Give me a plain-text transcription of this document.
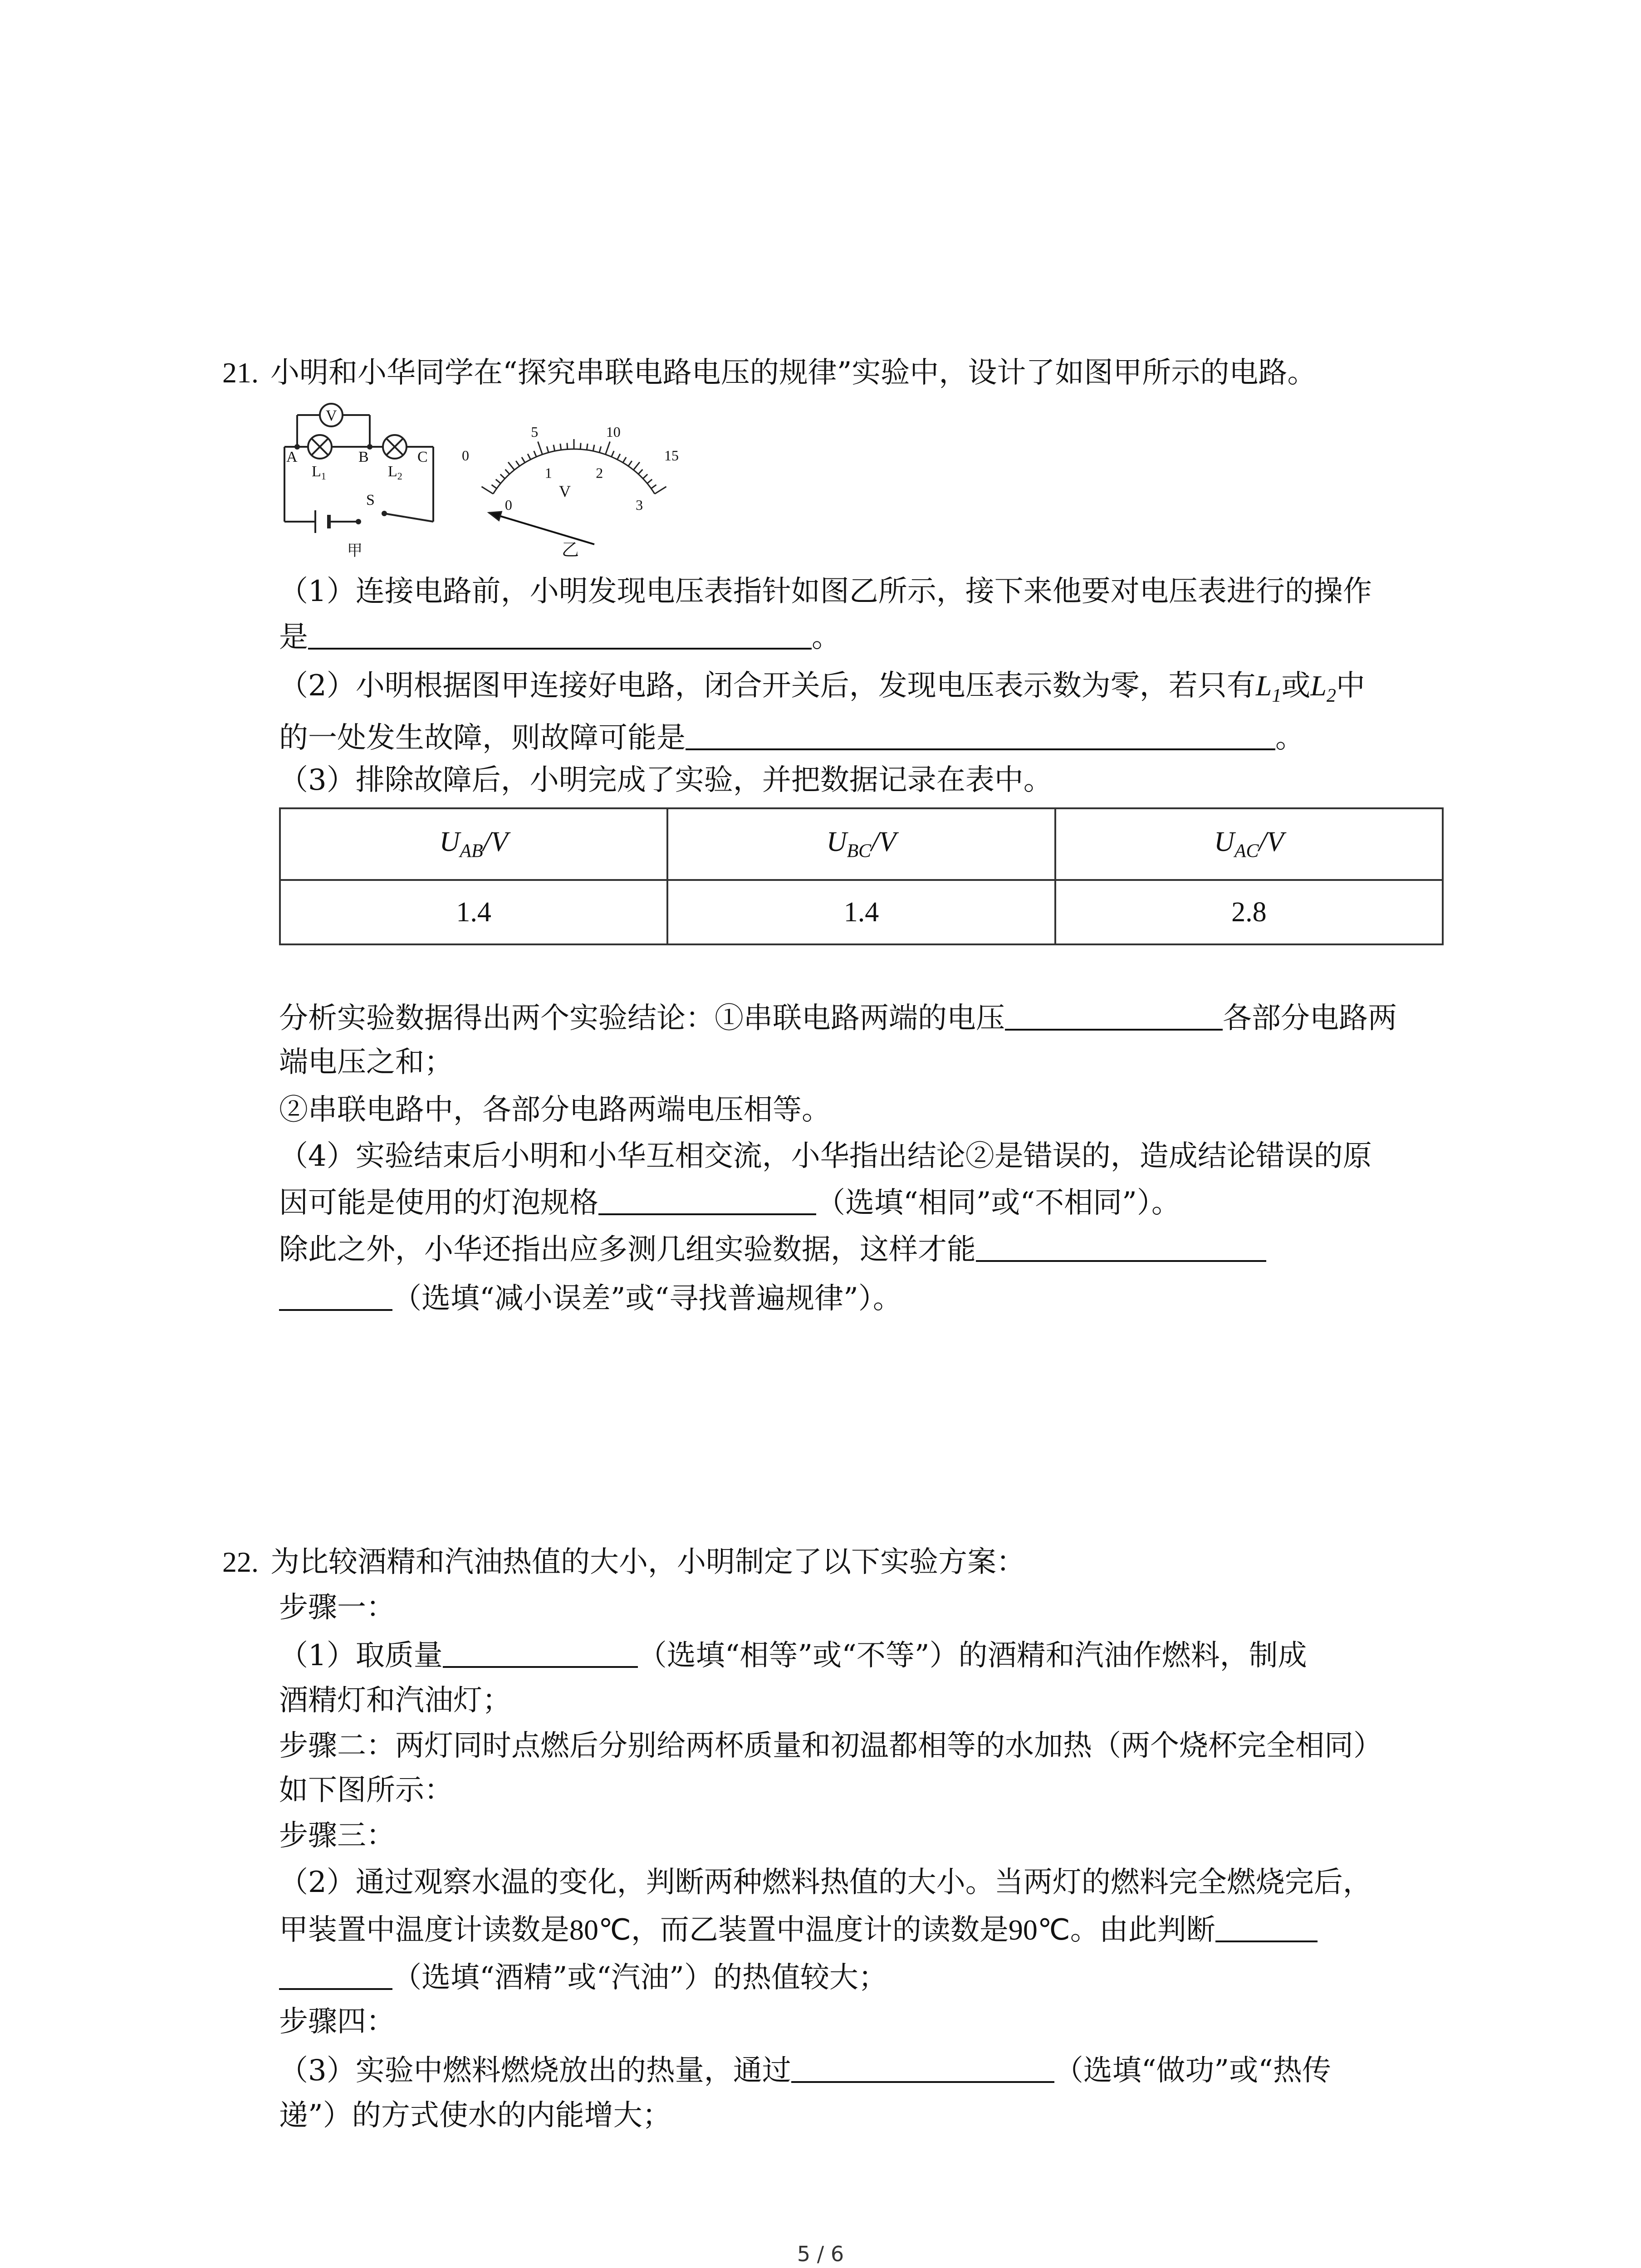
21. 小明和小华同学在“探究串联电路电压的规律”实验中，设计了如图甲所示的电路。
V
A	B	C
$L_1$	$L_2$
S
甲
0
5	10
15
0
1	2
3
V
乙
（1）连接电路前，小明发现电压表指针如图乙所示，接下来他要对电压表进行的操作
是	。
（2）小明根据图甲连接好电路，闭合开关后，发现电压表示数为零，若只有$L_1$或$L_2$中
的一处发生故障，则故障可能是	。
（3）排除故障后，小明完成了实验，并把数据记录在表中。
$U_{AB}/V$	$U_{BC}/V$	$U_{AC}/V$
1.4	1.4	2.8
分析实验数据得出两个实验结论：①串联电路两端的电压	各部分电路两
端电压之和；
②串联电路中，各部分电路两端电压相等。
（4）实验结束后小明和小华互相交流，小华指出结论②是错误的，造成结论错误的原
因可能是使用的灯泡规格	（选填“相同”或“不相同”）。
除此之外，小华还指出应多测几组实验数据，这样才能
（选填“减小误差”或“寻找普遍规律”）。
22. 为比较酒精和汽油热值的大小，小明制定了以下实验方案：
步骤一：
（1）取质量	（选填“相等”或“不等”）的酒精和汽油作燃料，制成
酒精灯和汽油灯；
步骤二：两灯同时点燃后分别给两杯质量和初温都相等的水加热（两个烧杯完全相同）
如下图所示：
步骤三：
（2）通过观察水温的变化，判断两种燃料热值的大小。当两灯的燃料完全燃烧完后，
甲装置中温度计读数是80℃，而乙装置中温度计的读数是90℃。由此判断
（选填“酒精”或“汽油”）的热值较大；
步骤四：
（3）实验中燃料燃烧放出的热量，通过	（选填“做功”或“热传
递”）的方式使水的内能增大；
5 / 6
